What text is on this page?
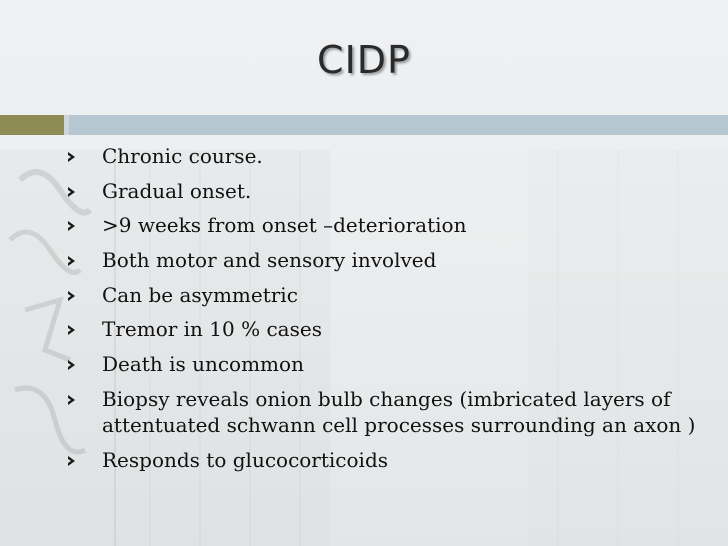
CIDP
Chronic course.
Gradual onset.
>9 weeks from onset –deterioration
Both motor and sensory involved
Can be asymmetric
Tremor in 10 % cases
Death is uncommon
Biopsy reveals onion bulb changes (imbricated layers of attentuated schwann cell processes surrounding an axon )
Responds to glucocorticoids
